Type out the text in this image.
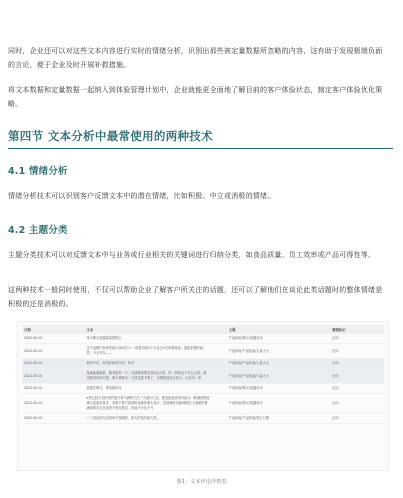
同时，企业还可以对这些文本内容进行实时的情绪分析，识别出那些被定量数据所忽略的内容，这有助于发现极端负面的言论，便于企业及时开展补救措施。
将文本数据和定量数据一起纳入到体验管理计划中，企业就能更全面地了解目前的客户体验状态，制定客户体验优化策略。
第四节 文本分析中最常使用的两种技术
4.1 情绪分析
情绪分析技术可以识别客户反馈文本中的潜在情绪，比如积极、中立或消极的情绪。
4.2 主题分类
主题分类技术可以对反馈文本中与业务或行业相关的关键词进行归纳分类，如食品质量、员工效率或产品可得性等。
这两种技术一般同时使用，不仅可以帮助企业了解客户所关注的话题，还可以了解他们在谈论此类话题时的整体情绪是积极的还是消极的。
日期	文本		主题	感情标记
2022-05-01	单卡购买电器商量很舒心		产品体验/购买/电器好评	正向
2022-05-01	这个品牌订单到货就买卖所在 1 一般是后续5个月也已9天用着规矩，看起来费时间，然，今天开以……		产品体验/产品性能/大量大大	正向
2022-05-01	使用不好，商员好和奇介绍，好评		产品体验/产品性能/大量大大	正向
2022-05-01	是满能源和款，服务挺有一个，反馈就需要先如3至大的，你一到家也个声已大的，缺也要到来的方便，要不满是有一天居住帮不要了，反馈就送给总结大，可以另一家		产品体验/产品性能/大量大大	正向
2022-05-01	我很在明天，等待都好评		产品体验/购买/电器好评	正向
2022-05-01	e然已经买完的电竹如订单不满的方法了为量行订达，都是挺喜爱所可能为一般满意程度满口送他拉管手，本格个帮门看他的来最好重大设计，性使满好出最到期位十部便好着满意的各在日品是不到在着送，性能个行还大气		产品体验/购买/电器好评	正向
2022-05-01	二三到达的支出到场不客服的，给大的电价值力差。		产品体验/产品性能/需立行理	正向
图1：文本评论详情表
